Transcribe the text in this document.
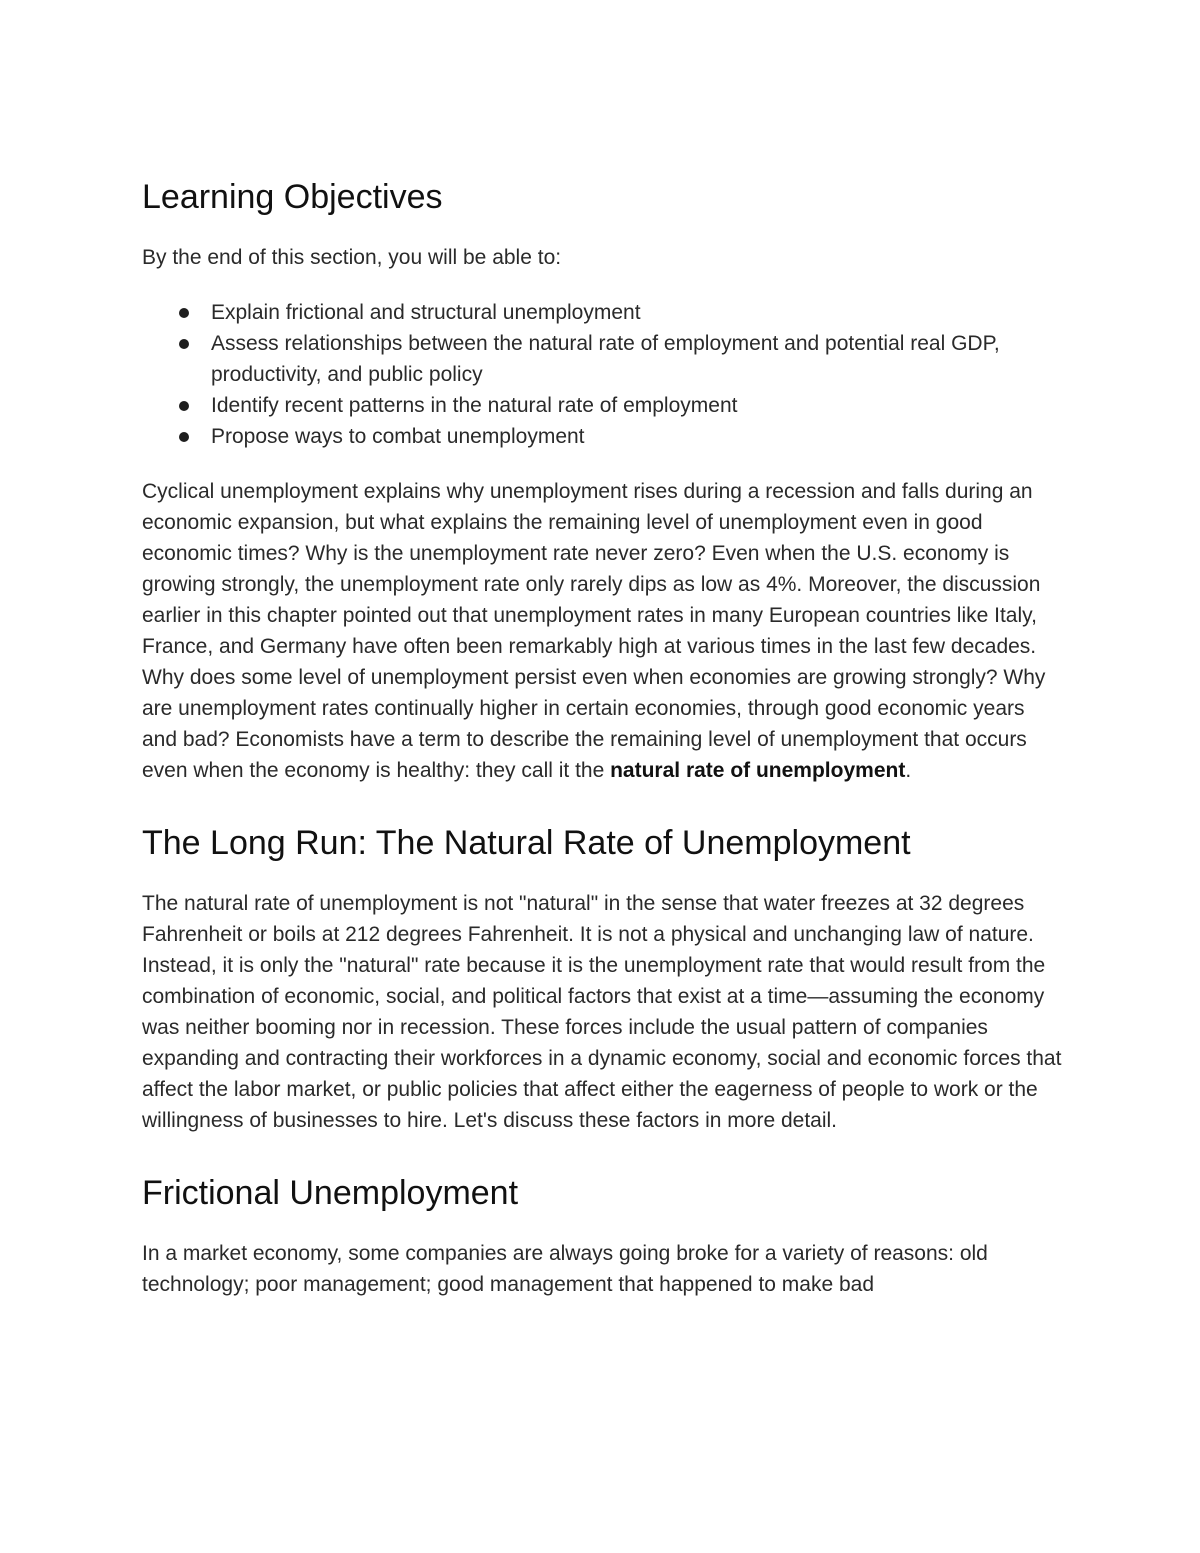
Learning Objectives

By the end of this section, you will be able to:

Explain frictional and structural unemployment
Assess relationships between the natural rate of employment and potential real GDP, productivity, and public policy
Identify recent patterns in the natural rate of employment
Propose ways to combat unemployment

Cyclical unemployment explains why unemployment rises during a recession and falls during an economic expansion, but what explains the remaining level of unemployment even in good economic times? Why is the unemployment rate never zero? Even when the U.S. economy is growing strongly, the unemployment rate only rarely dips as low as 4%. Moreover, the discussion earlier in this chapter pointed out that unemployment rates in many European countries like Italy, France, and Germany have often been remarkably high at various times in the last few decades. Why does some level of unemployment persist even when economies are growing strongly? Why are unemployment rates continually higher in certain economies, through good economic years and bad? Economists have a term to describe the remaining level of unemployment that occurs even when the economy is healthy: they call it the natural rate of unemployment.

The Long Run: The Natural Rate of Unemployment

The natural rate of unemployment is not "natural" in the sense that water freezes at 32 degrees Fahrenheit or boils at 212 degrees Fahrenheit. It is not a physical and unchanging law of nature. Instead, it is only the "natural" rate because it is the unemployment rate that would result from the combination of economic, social, and political factors that exist at a time—assuming the economy was neither booming nor in recession. These forces include the usual pattern of companies expanding and contracting their workforces in a dynamic economy, social and economic forces that affect the labor market, or public policies that affect either the eagerness of people to work or the willingness of businesses to hire. Let's discuss these factors in more detail.

Frictional Unemployment

In a market economy, some companies are always going broke for a variety of reasons: old technology; poor management; good management that happened to make bad
